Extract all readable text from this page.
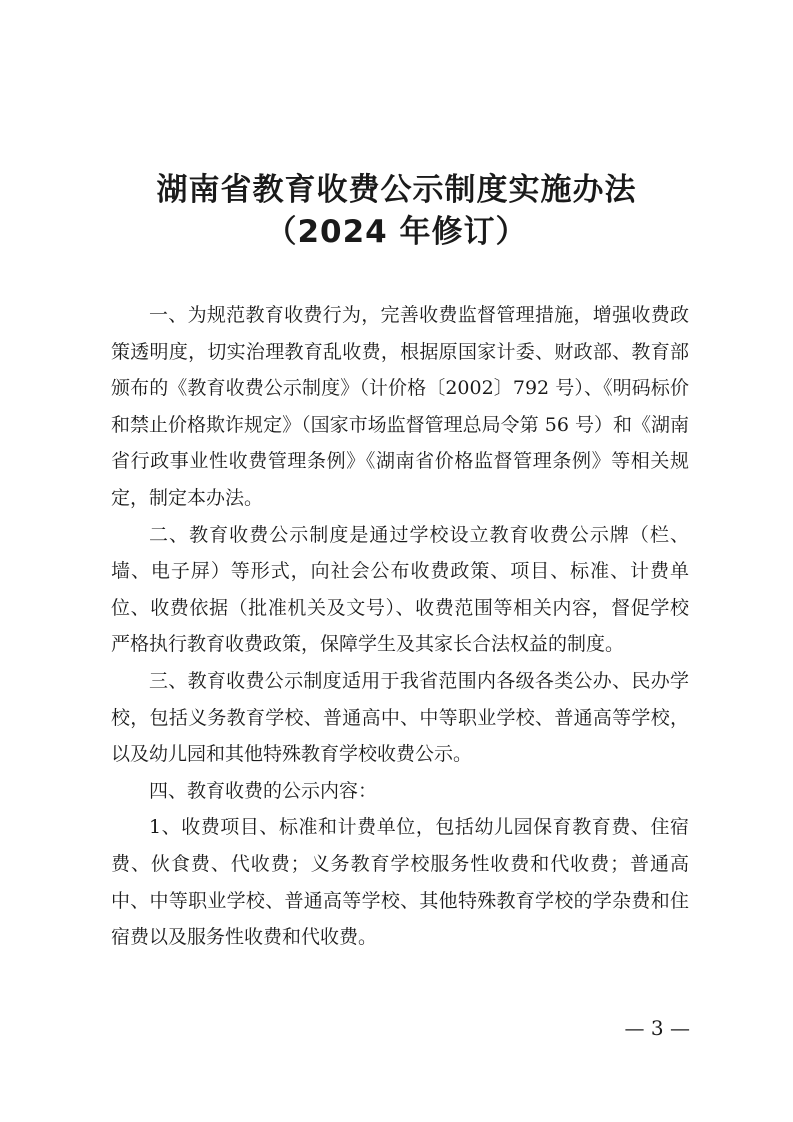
湖南省教育收费公示制度实施办法
（2024 年修订）

一、为规范教育收费行为，完善收费监督管理措施，增强收费政策透明度，切实治理教育乱收费，根据原国家计委、财政部、教育部颁布的《教育收费公示制度》（计价格〔2002〕792 号）、《明码标价和禁止价格欺诈规定》（国家市场监督管理总局令第 56 号）和《湖南省行政事业性收费管理条例》《湖南省价格监督管理条例》等相关规定，制定本办法。

二、教育收费公示制度是通过学校设立教育收费公示牌（栏、墙、电子屏）等形式，向社会公布收费政策、项目、标准、计费单位、收费依据（批准机关及文号）、收费范围等相关内容，督促学校严格执行教育收费政策，保障学生及其家长合法权益的制度。

三、教育收费公示制度适用于我省范围内各级各类公办、民办学校，包括义务教育学校、普通高中、中等职业学校、普通高等学校，以及幼儿园和其他特殊教育学校收费公示。

四、教育收费的公示内容：

1、收费项目、标准和计费单位，包括幼儿园保育教育费、住宿费、伙食费、代收费；义务教育学校服务性收费和代收费；普通高中、中等职业学校、普通高等学校、其他特殊教育学校的学杂费和住宿费以及服务性收费和代收费。

— 3 —
